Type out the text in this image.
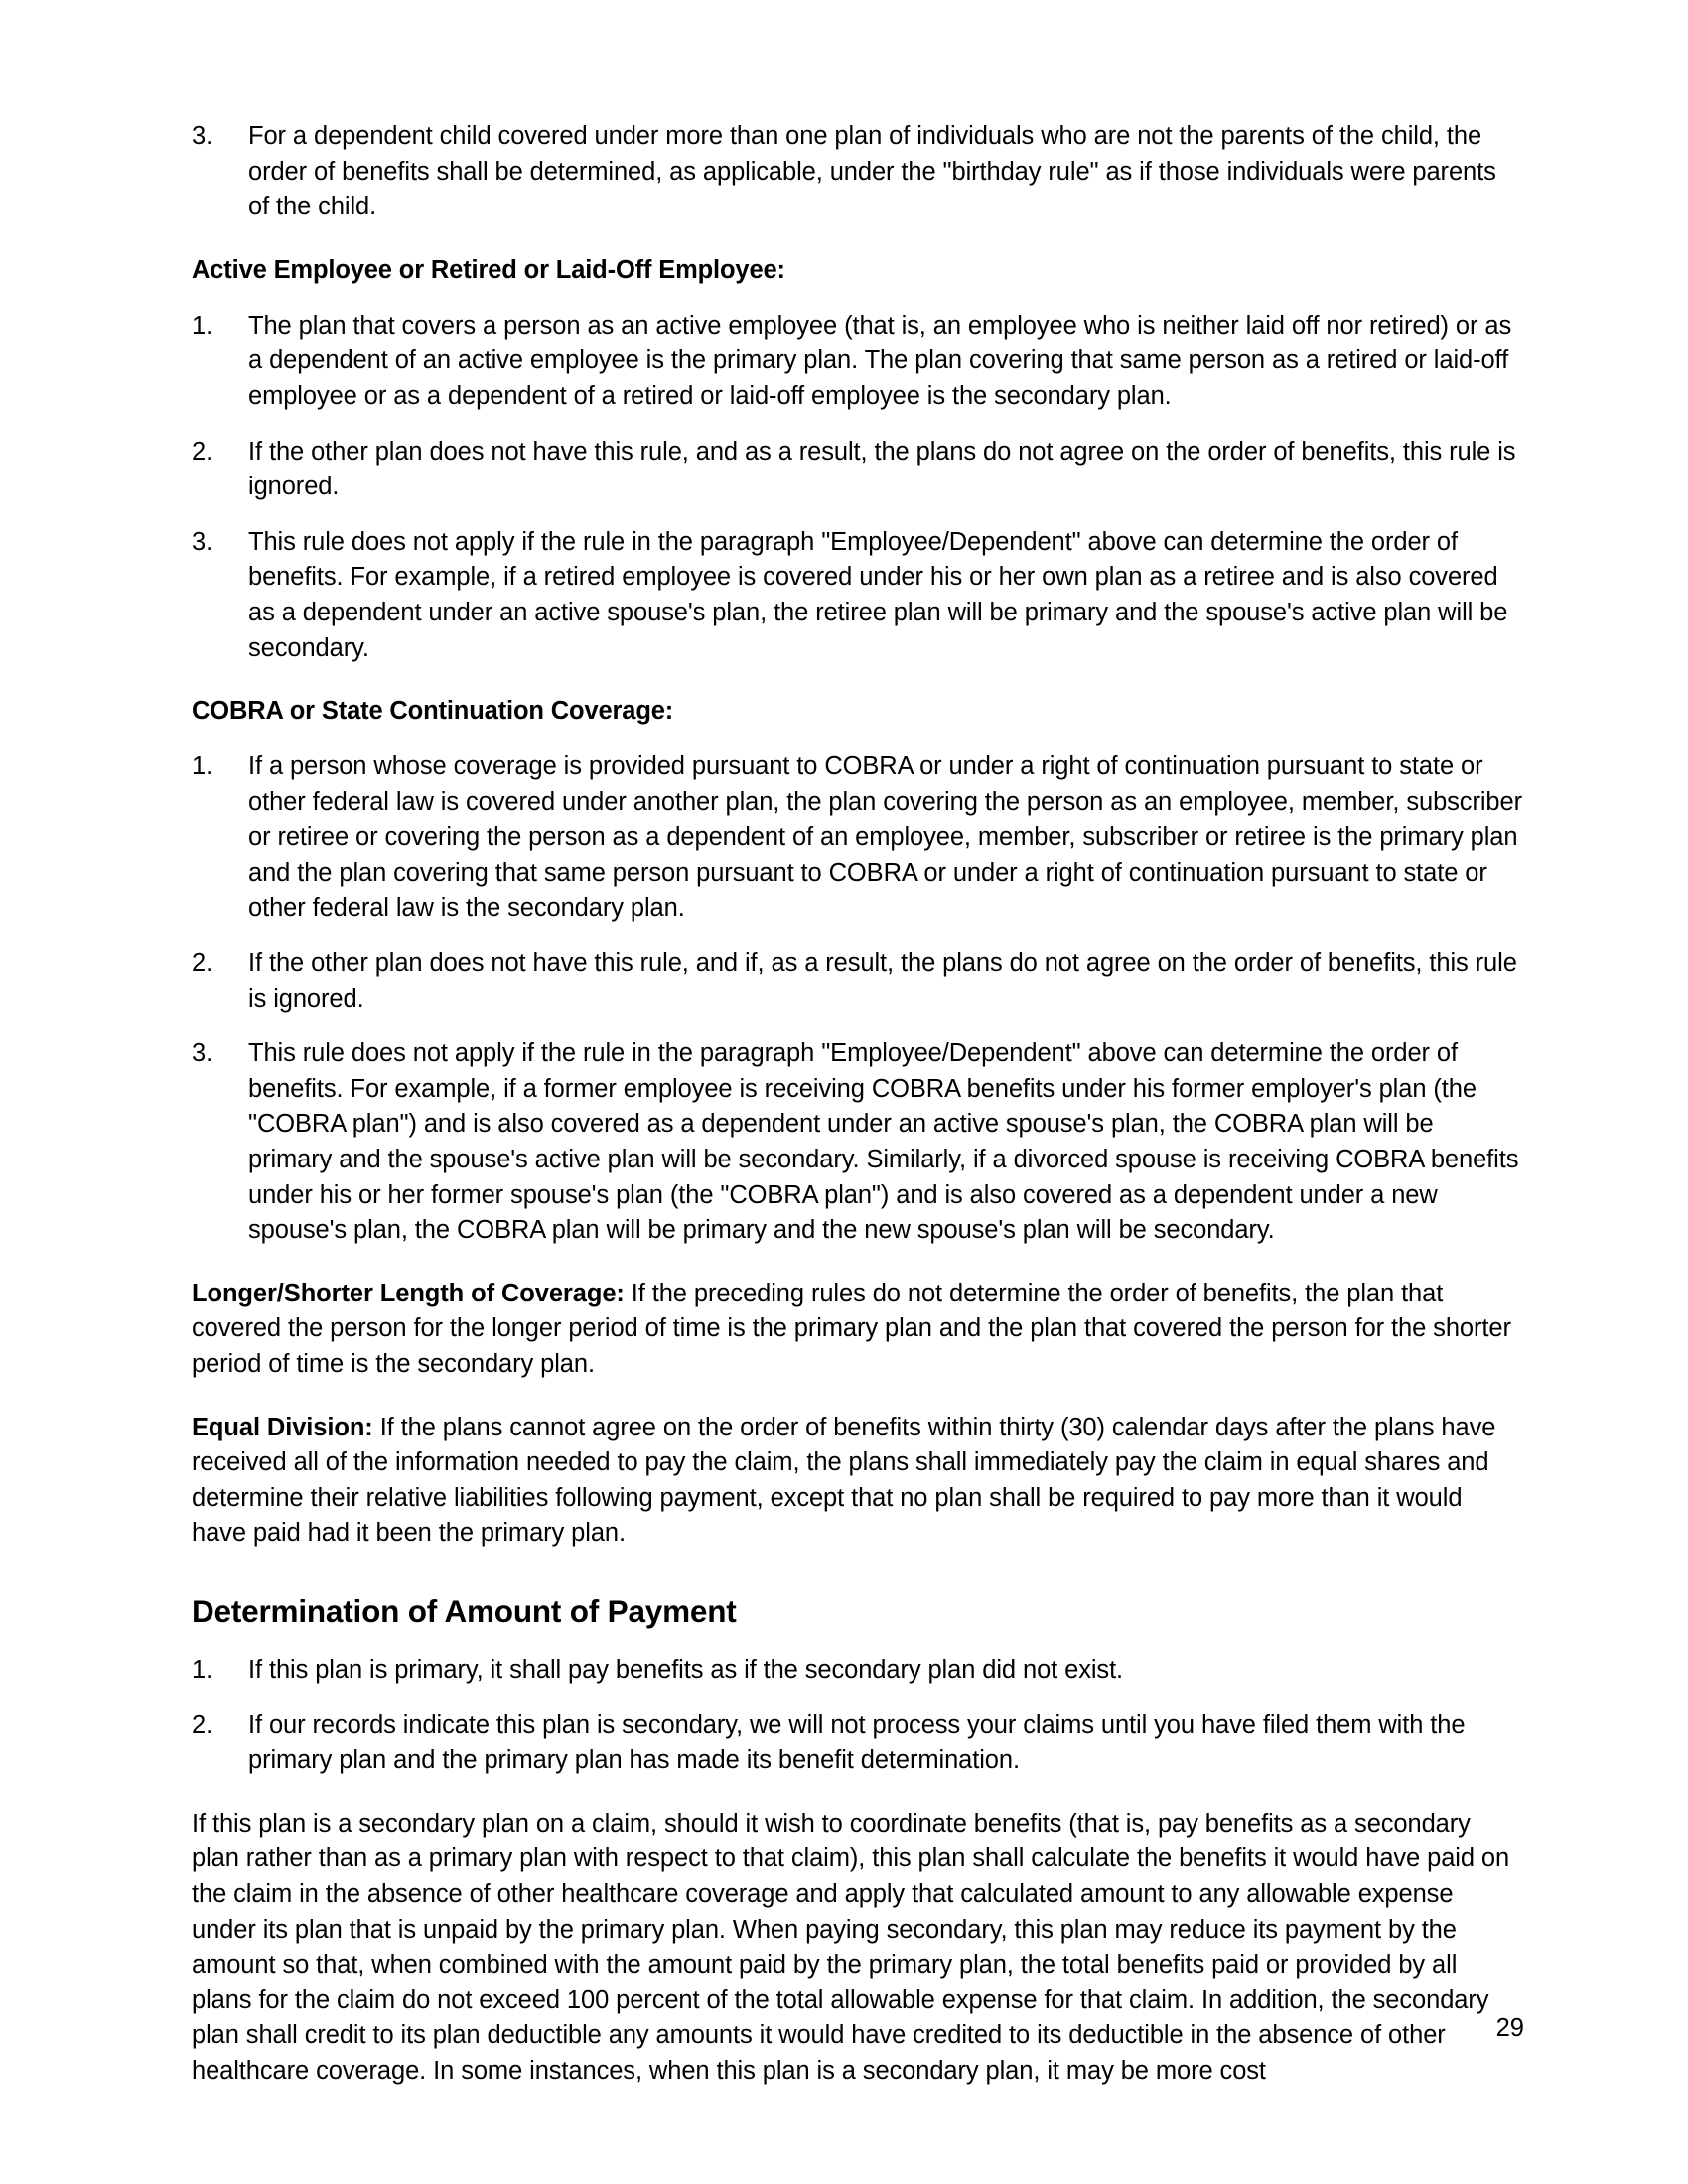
3.	For a dependent child covered under more than one plan of individuals who are not the parents of the child, the order of benefits shall be determined, as applicable, under the "birthday rule" as if those individuals were parents of the child.
Active Employee or Retired or Laid-Off Employee:
1.	The plan that covers a person as an active employee (that is, an employee who is neither laid off nor retired) or as a dependent of an active employee is the primary plan. The plan covering that same person as a retired or laid-off employee or as a dependent of a retired or laid-off employee is the secondary plan.
2.	If the other plan does not have this rule, and as a result, the plans do not agree on the order of benefits, this rule is ignored.
3.	This rule does not apply if the rule in the paragraph "Employee/Dependent" above can determine the order of benefits. For example, if a retired employee is covered under his or her own plan as a retiree and is also covered as a dependent under an active spouse's plan, the retiree plan will be primary and the spouse's active plan will be secondary.
COBRA or State Continuation Coverage:
1.	If a person whose coverage is provided pursuant to COBRA or under a right of continuation pursuant to state or other federal law is covered under another plan, the plan covering the person as an employee, member, subscriber or retiree or covering the person as a dependent of an employee, member, subscriber or retiree is the primary plan and the plan covering that same person pursuant to COBRA or under a right of continuation pursuant to state or other federal law is the secondary plan.
2.	If the other plan does not have this rule, and if, as a result, the plans do not agree on the order of benefits, this rule is ignored.
3.	This rule does not apply if the rule in the paragraph "Employee/Dependent" above can determine the order of benefits. For example, if a former employee is receiving COBRA benefits under his former employer's plan (the "COBRA plan") and is also covered as a dependent under an active spouse's plan, the COBRA plan will be primary and the spouse's active plan will be secondary. Similarly, if a divorced spouse is receiving COBRA benefits under his or her former spouse's plan (the "COBRA plan") and is also covered as a dependent under a new spouse's plan, the COBRA plan will be primary and the new spouse's plan will be secondary.

Longer/Shorter Length of Coverage: If the preceding rules do not determine the order of benefits, the plan that covered the person for the longer period of time is the primary plan and the plan that covered the person for the shorter period of time is the secondary plan.

Equal Division: If the plans cannot agree on the order of benefits within thirty (30) calendar days after the plans have received all of the information needed to pay the claim, the plans shall immediately pay the claim in equal shares and determine their relative liabilities following payment, except that no plan shall be required to pay more than it would have paid had it been the primary plan.

Determination of Amount of Payment
1.	If this plan is primary, it shall pay benefits as if the secondary plan did not exist.
2.	If our records indicate this plan is secondary, we will not process your claims until you have filed them with the primary plan and the primary plan has made its benefit determination.

If this plan is a secondary plan on a claim, should it wish to coordinate benefits (that is, pay benefits as a secondary plan rather than as a primary plan with respect to that claim), this plan shall calculate the benefits it would have paid on the claim in the absence of other healthcare coverage and apply that calculated amount to any allowable expense under its plan that is unpaid by the primary plan. When paying secondary, this plan may reduce its payment by the amount so that, when combined with the amount paid by the primary plan, the total benefits paid or provided by all plans for the claim do not exceed 100 percent of the total allowable expense for that claim. In addition, the secondary plan shall credit to its plan deductible any amounts it would have credited to its deductible in the absence of other healthcare coverage. In some instances, when this plan is a secondary plan, it may be more cost

29
